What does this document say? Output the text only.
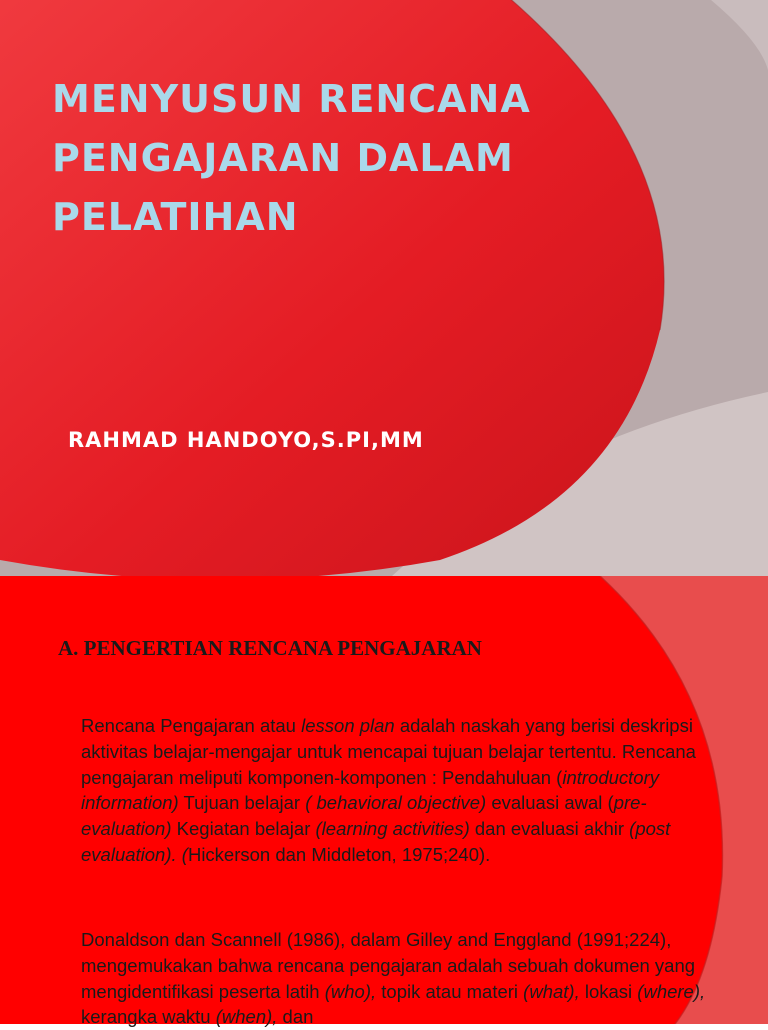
MENYUSUN RENCANA PENGAJARAN DALAM PELATIHAN

RAHMAD HANDOYO,S.PI,MM

A. PENGERTIAN RENCANA PENGAJARAN

Rencana Pengajaran atau lesson plan adalah naskah yang berisi deskripsi aktivitas belajar-mengajar untuk mencapai tujuan belajar tertentu. Rencana pengajaran meliputi komponen-komponen : Pendahuluan (introductory information) Tujuan belajar ( behavioral objective) evaluasi awal (pre-evaluation) Kegiatan belajar (learning activities) dan evaluasi akhir (post evaluation). (Hickerson dan Middleton, 1975;240).

Donaldson dan Scannell (1986), dalam Gilley and Enggland (1991;224), mengemukakan bahwa rencana pengajaran adalah sebuah dokumen yang mengidentifikasi peserta latih (who), topik atau materi (what), lokasi (where), kerangka waktu (when), dan
